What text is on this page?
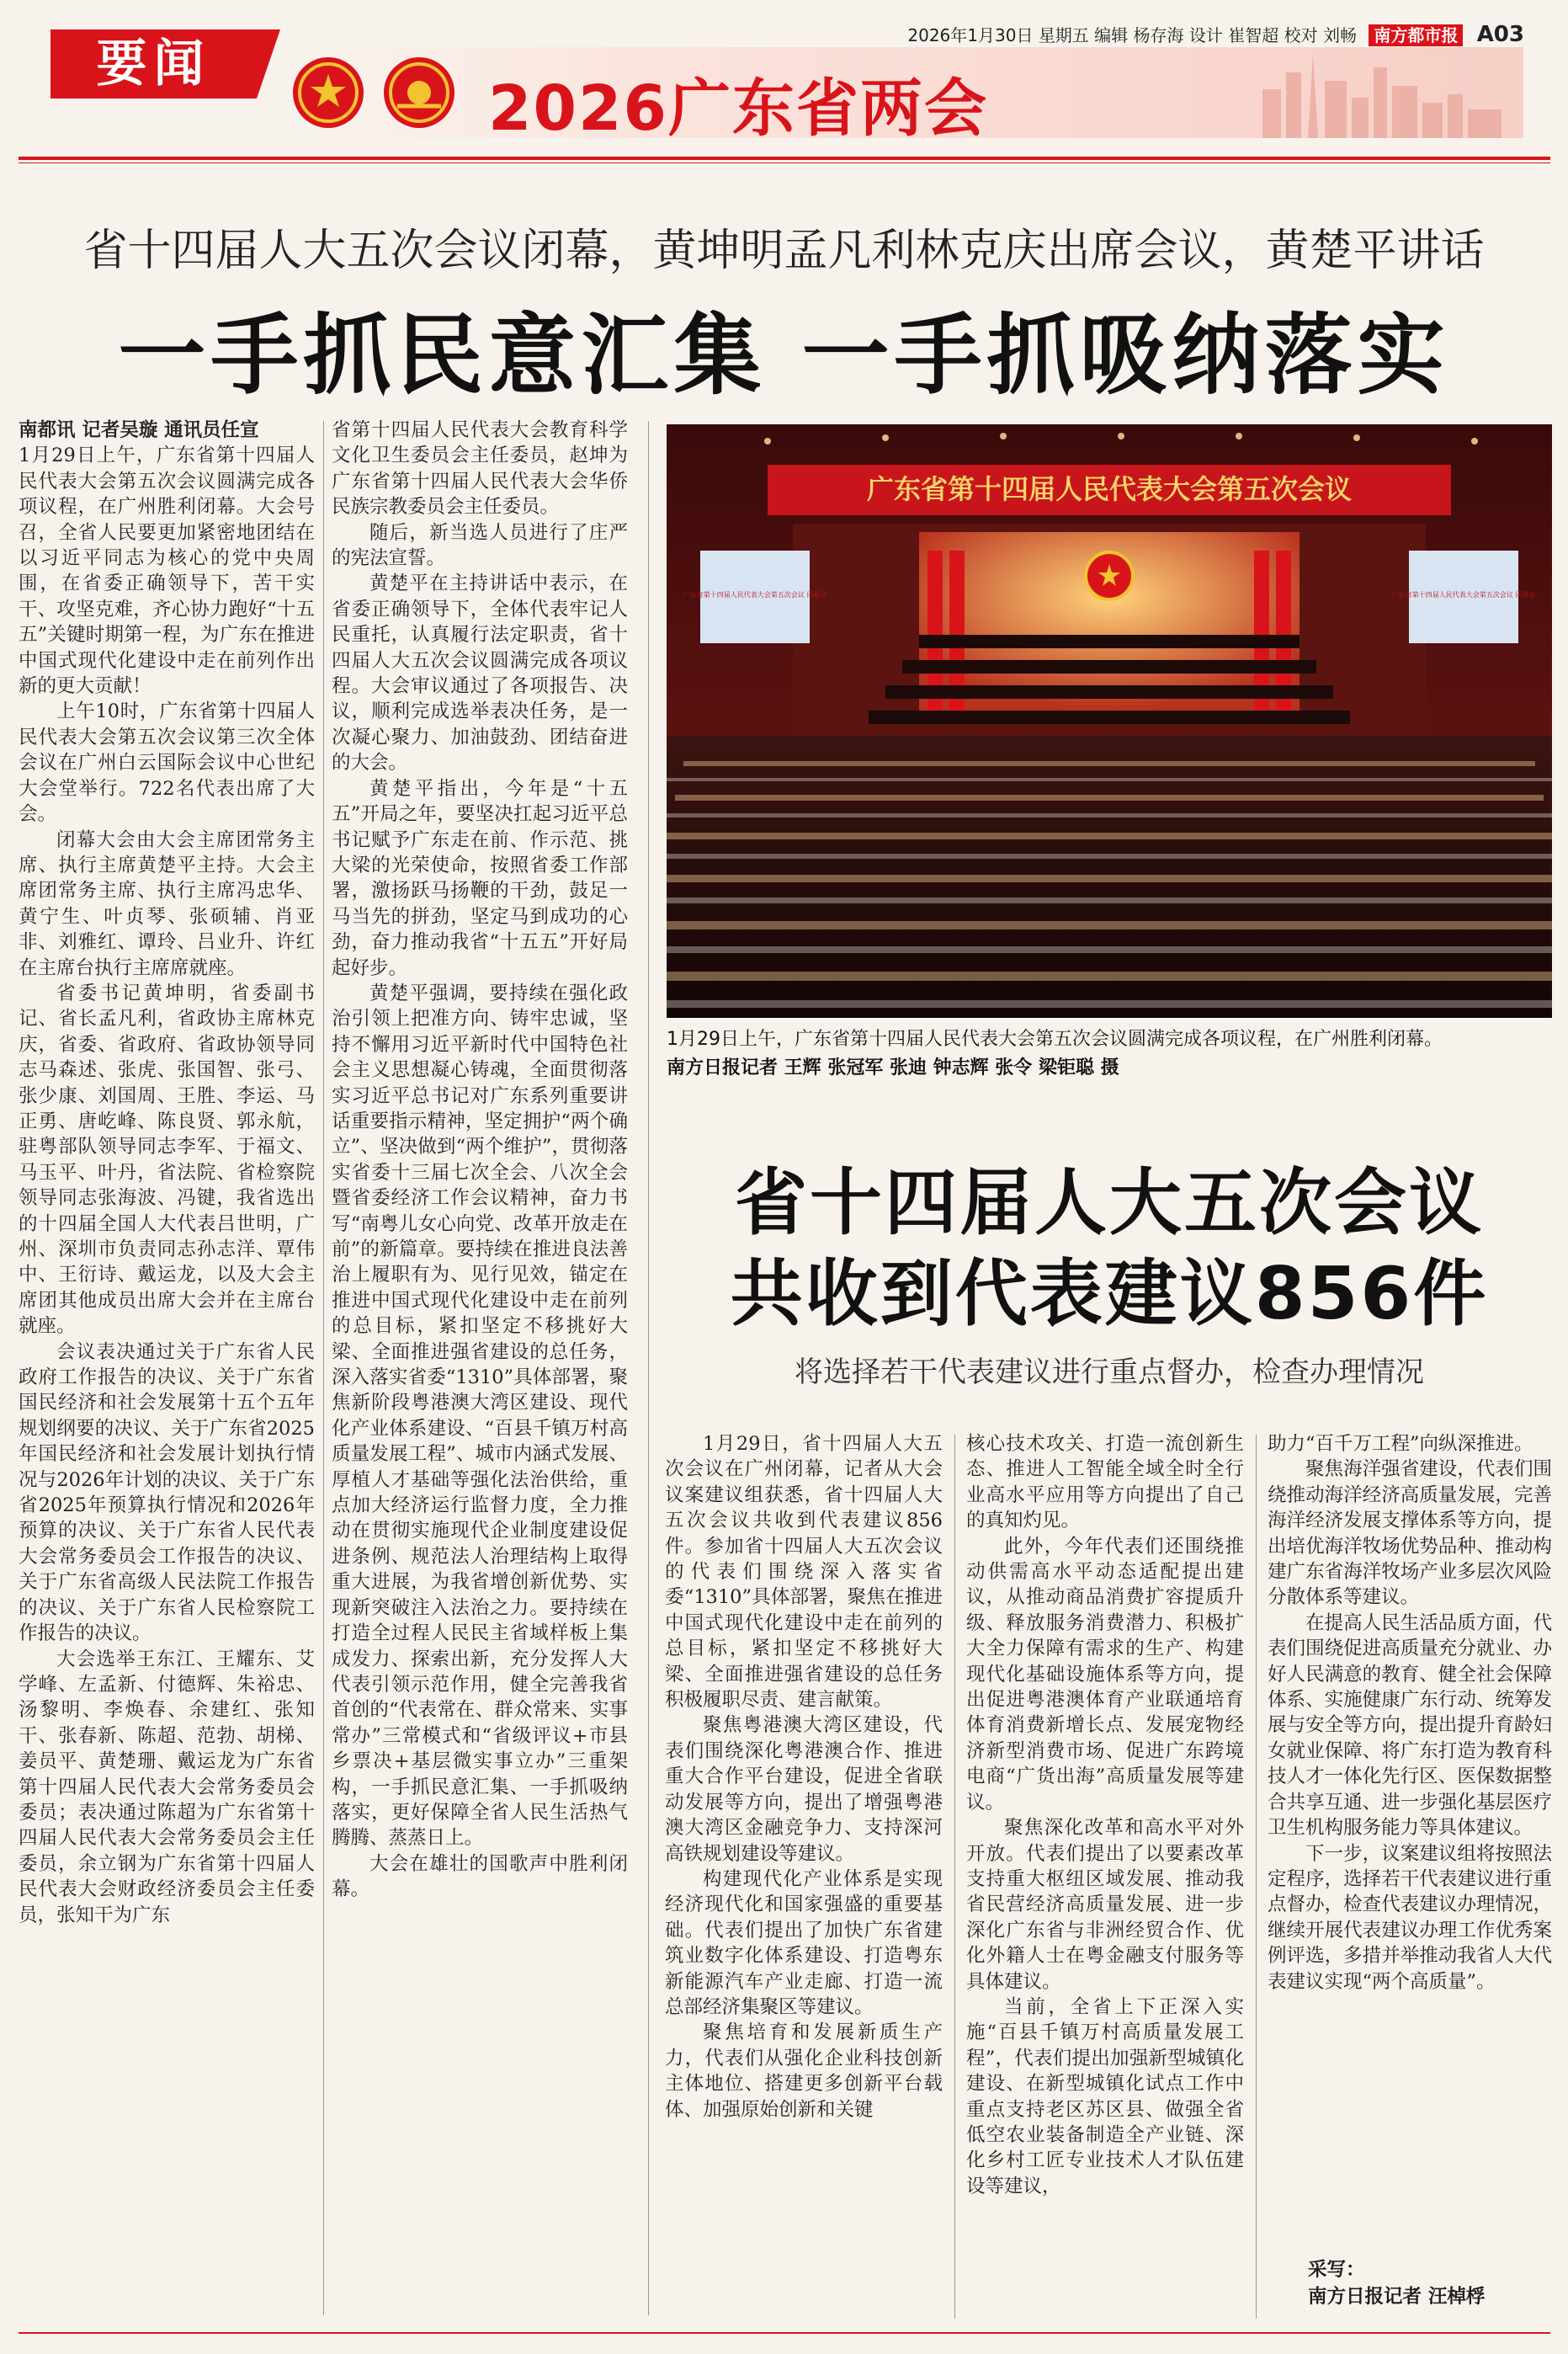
要闻	2026年1月30日 星期五 编辑 杨存海 设计 崔智超 校对 刘畅 南方都市报 A03
2026广东省两会
省十四届人大五次会议闭幕，黄坤明孟凡利林克庆出席会议，黄楚平讲话
一手抓民意汇集 一手抓吸纳落实
南都讯 记者吴璇 通讯员任宣

1月29日上午，广东省第十四届人民代表大会第五次会议圆满完成各项议程，在广州胜利闭幕。大会号召，全省人民要更加紧密地团结在以习近平同志为核心的党中央周围，在省委正确领导下，苦干实干、攻坚克难，齐心协力跑好“十五五”关键时期第一程，为广东在推进中国式现代化建设中走在前列作出新的更大贡献！

上午10时，广东省第十四届人民代表大会第五次会议第三次全体会议在广州白云国际会议中心世纪大会堂举行。722名代表出席了大会。

闭幕大会由大会主席团常务主席、执行主席黄楚平主持。大会主席团常务主席、执行主席冯忠华、黄宁生、叶贞琴、张硕辅、肖亚非、刘雅红、谭玲、吕业升、许红在主席台执行主席席就座。

省委书记黄坤明，省委副书记、省长孟凡利，省政协主席林克庆，省委、省政府、省政协领导同志马森述、张虎、张国智、张弓、张少康、刘国周、王胜、李运、马正勇、唐屹峰、陈良贤、郭永航，驻粤部队领导同志李军、于福文、马玉平、叶丹，省法院、省检察院领导同志张海波、冯键，我省选出的十四届全国人大代表吕世明，广州、深圳市负责同志孙志洋、覃伟中、王衍诗、戴运龙，以及大会主席团其他成员出席大会并在主席台就座。

会议表决通过关于广东省人民政府工作报告的决议、关于广东省国民经济和社会发展第十五个五年规划纲要的决议、关于广东省2025年国民经济和社会发展计划执行情况与2026年计划的决议、关于广东省2025年预算执行情况和2026年预算的决议、关于广东省人民代表大会常务委员会工作报告的决议、关于广东省高级人民法院工作报告的决议、关于广东省人民检察院工作报告的决议。

大会选举王东江、王耀东、艾学峰、左孟新、付德辉、朱裕忠、汤黎明、李焕春、余建红、张知干、张春新、陈超、范勃、胡梯、姜员平、黄楚珊、戴运龙为广东省第十四届人民代表大会常务委员会委员；表决通过陈超为广东省第十四届人民代表大会常务委员会主任委员，余立钢为广东省第十四届人民代表大会财政经济委员会主任委员，张知干为广东

省第十四届人民代表大会教育科学文化卫生委员会主任委员，赵坤为广东省第十四届人民代表大会华侨民族宗教委员会主任委员。

随后，新当选人员进行了庄严的宪法宣誓。

黄楚平在主持讲话中表示，在省委正确领导下，全体代表牢记人民重托，认真履行法定职责，省十四届人大五次会议圆满完成各项议程。大会审议通过了各项报告、决议，顺利完成选举表决任务，是一次凝心聚力、加油鼓劲、团结奋进的大会。

黄楚平指出，今年是“十五五”开局之年，要坚决扛起习近平总书记赋予广东走在前、作示范、挑大梁的光荣使命，按照省委工作部署，激扬跃马扬鞭的干劲，鼓足一马当先的拼劲，坚定马到成功的心劲，奋力推动我省“十五五”开好局起好步。

黄楚平强调，要持续在强化政治引领上把准方向、铸牢忠诚，坚持不懈用习近平新时代中国特色社会主义思想凝心铸魂，全面贯彻落实习近平总书记对广东系列重要讲话重要指示精神，坚定拥护“两个确立”、坚决做到“两个维护”，贯彻落实省委十三届七次全会、八次全会暨省委经济工作会议精神，奋力书写“南粤儿女心向党、改革开放走在前”的新篇章。要持续在推进良法善治上履职有为、见行见效，锚定在推进中国式现代化建设中走在前列的总目标，紧扣坚定不移挑好大梁、全面推进强省建设的总任务，深入落实省委“1310”具体部署，聚焦新阶段粤港澳大湾区建设、现代化产业体系建设、“百县千镇万村高质量发展工程”、城市内涵式发展、厚植人才基础等强化法治供给，重点加大经济运行监督力度，全力推动在贯彻实施现代企业制度建设促进条例、规范法人治理结构上取得重大进展，为我省增创新优势、实现新突破注入法治之力。要持续在打造全过程人民民主省域样板上集成发力、探索出新，充分发挥人大代表引领示范作用，健全完善我省首创的“代表常在、群众常来、实事常办”三常模式和“省级评议+市县乡票决+基层微实事立办”三重架构，一手抓民意汇集、一手抓吸纳落实，更好保障全省人民生活热气腾腾、蒸蒸日上。

大会在雄壮的国歌声中胜利闭幕。

广东省第十四届人民代表大会第五次会议
广东省第十四届人民代表大会第五次会议 闭幕会	广东省第十四届人民代表大会第五次会议 闭幕会
1月29日上午，广东省第十四届人民代表大会第五次会议圆满完成各项议程，在广州胜利闭幕。
南方日报记者 王辉 张冠军 张迪 钟志辉 张令 梁钜聪 摄
省十四届人大五次会议
共收到代表建议856件
将选择若干代表建议进行重点督办，检查办理情况

1月29日，省十四届人大五次会议在广州闭幕，记者从大会议案建议组获悉，省十四届人大五次会议共收到代表建议856件。参加省十四届人大五次会议的代表们围绕深入落实省委“1310”具体部署，聚焦在推进中国式现代化建设中走在前列的总目标，紧扣坚定不移挑好大梁、全面推进强省建设的总任务积极履职尽责、建言献策。

聚焦粤港澳大湾区建设，代表们围绕深化粤港澳合作、推进重大合作平台建设，促进全省联动发展等方向，提出了增强粤港澳大湾区金融竞争力、支持深河高铁规划建设等建议。

构建现代化产业体系是实现经济现代化和国家强盛的重要基础。代表们提出了加快广东省建筑业数字化体系建设、打造粤东新能源汽车产业走廊、打造一流总部经济集聚区等建议。

聚焦培育和发展新质生产力，代表们从强化企业科技创新主体地位、搭建更多创新平台载体、加强原始创新和关键

核心技术攻关、打造一流创新生态、推进人工智能全域全时全行业高水平应用等方向提出了自己的真知灼见。

此外，今年代表们还围绕推动供需高水平动态适配提出建议，从推动商品消费扩容提质升级、释放服务消费潜力、积极扩大全力保障有需求的生产、构建现代化基础设施体系等方向，提出促进粤港澳体育产业联通培育体育消费新增长点、发展宠物经济新型消费市场、促进广东跨境电商“广货出海”高质量发展等建议。

聚焦深化改革和高水平对外开放。代表们提出了以要素改革支持重大枢纽区域发展、推动我省民营经济高质量发展、进一步深化广东省与非洲经贸合作、优化外籍人士在粤金融支付服务等具体建议。

当前，全省上下正深入实施“百县千镇万村高质量发展工程”，代表们提出加强新型城镇化建设、在新型城镇化试点工作中重点支持老区苏区县、做强全省低空农业装备制造全产业链、深化乡村工匠专业技术人才队伍建设等建议，

助力“百千万工程”向纵深推进。

聚焦海洋强省建设，代表们围绕推动海洋经济高质量发展，完善海洋经济发展支撑体系等方向，提出培优海洋牧场优势品种、推动构建广东省海洋牧场产业多层次风险分散体系等建议。

在提高人民生活品质方面，代表们围绕促进高质量充分就业、办好人民满意的教育、健全社会保障体系、实施健康广东行动、统筹发展与安全等方向，提出提升育龄妇女就业保障、将广东打造为教育科技人才一体化先行区、医保数据整合共享互通、进一步强化基层医疗卫生机构服务能力等具体建议。

下一步，议案建议组将按照法定程序，选择若干代表建议进行重点督办，检查代表建议办理情况，继续开展代表建议办理工作优秀案例评选，多措并举推动我省人大代表建议实现“两个高质量”。

采写：
南方日报记者 汪棹桴
